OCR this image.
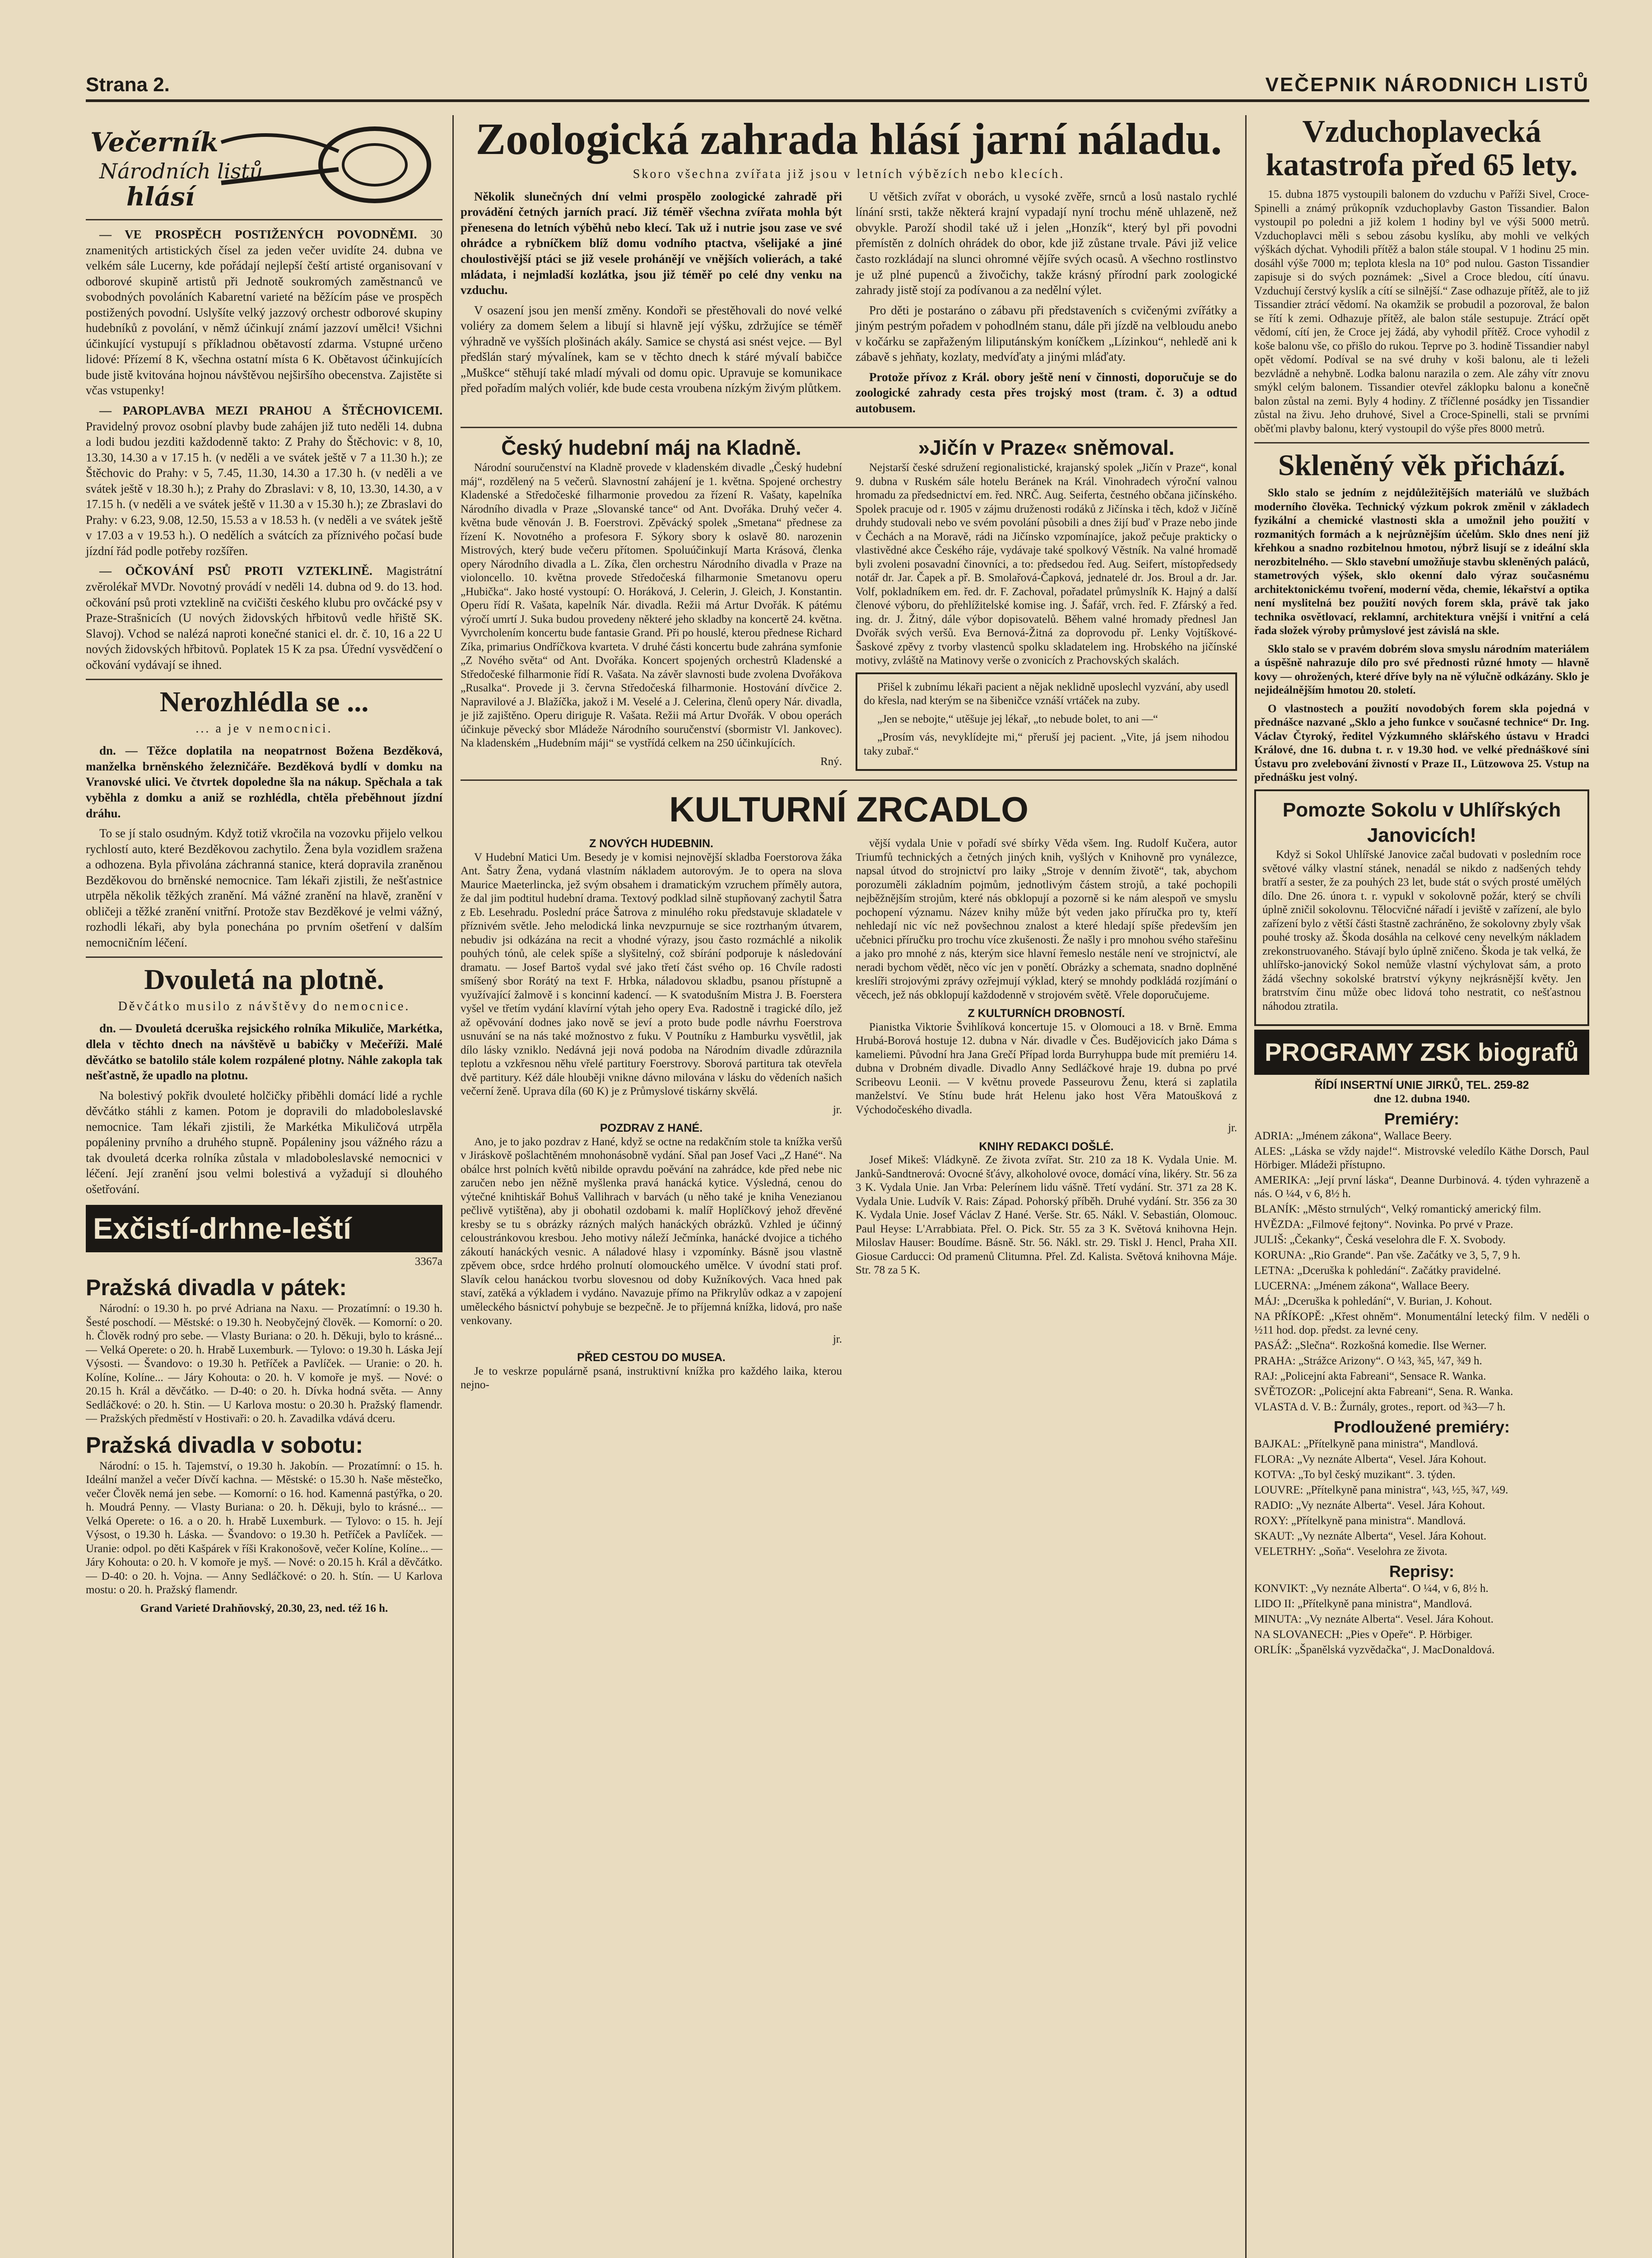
Strana 2.	VEČEPNIK NÁRODNICH LISTŮ
Večerník
Národních listů
hlásí

— VE PROSPĚCH POSTIŽENÝCH POVODNĚMI. 30 znamenitých artistických čísel za jeden večer uvidíte 24. dubna ve velkém sále Lucerny, kde pořádají nejlepší čeští artisté organisovaní v odborové skupině artistů při Jednotě soukromých zaměstnanců ve svobodných povoláních Kabaretní varieté na běžícím páse ve prospěch postižených povodní. Uslyšíte velký jazzový orchestr odborové skupiny hudebníků z povolání, v němž účinkují známí jazzoví umělci! Všichni účinkující vystupují s příkladnou obětavostí zdarma. Vstupné určeno lidové: Přízemí 8 K, všechna ostatní místa 6 K. Obětavost účinkujících bude jistě kvitována hojnou návštěvou nejširšího obecenstva. Zajistěte si včas vstupenky!

— PAROPLAVBA MEZI PRAHOU A ŠTĚCHOVICEMI. Pravidelný provoz osobní plavby bude zahájen již tuto neděli 14. dubna a lodi budou jezditi každodenně takto: Z Prahy do Štěchovic: v 8, 10, 13.30, 14.30 a v 17.15 h. (v neděli a ve svátek ještě v 7 a 11.30 h.); ze Štěchovic do Prahy: v 5, 7.45, 11.30, 14.30 a 17.30 h. (v neděli a ve svátek ještě v 18.30 h.); z Prahy do Zbraslavi: v 8, 10, 13.30, 14.30, a v 17.15 h. (v neděli a ve svátek ještě v 11.30 a v 15.30 h.); ze Zbraslavi do Prahy: v 6.23, 9.08, 12.50, 15.53 a v 18.53 h. (v neděli a ve svátek ještě v 17.03 a v 19.53 h.). O nedělích a svátcích za příznivého počasí bude jízdní řád podle potřeby rozšířen.

— OČKOVÁNÍ PSŮ PROTI VZTEKLINĚ. Magistrátní zvěrolékař MVDr. Novotný provádí v neděli 14. dubna od 9. do 13. hod. očkování psů proti vzteklině na cvičišti českého klubu pro ovčácké psy v Praze-Strašnicích (U nových židovských hřbitovů vedle hřiště SK. Slavoj). Vchod se nalézá naproti konečné stanici el. dr. č. 10, 16 a 22 U nových židovských hřbitovů. Poplatek 15 K za psa. Úřední vysvědčení o očkování vydávají se ihned.

Nerozhlédla se ...
... a je v nemocnici.

dn. — Těžce doplatila na neopatrnost Božena Bezděková, manželka brněnského železničáře. Bezděková bydlí v domku na Vranovské ulici. Ve čtvrtek dopoledne šla na nákup. Spěchala a tak vyběhla z domku a aniž se rozhlédla, chtěla přeběhnout jízdní dráhu.

To se jí stalo osudným. Když totiž vkročila na vozovku přijelo velkou rychlostí auto, které Bezděkovou zachytilo. Žena byla vozidlem sražena a odhozena. Byla přivolána záchranná stanice, která dopravila zraněnou Bezděkovou do brněnské nemocnice. Tam lékaři zjistili, že nešťastnice utrpěla několik těžkých zranění. Má vážné zranění na hlavě, zranění v obličeji a těžké zranění vnitřní. Protože stav Bezděkové je velmi vážný, rozhodli lékaři, aby byla ponechána po prvním ošetření v dalším nemocničním léčení.

Dvouletá na plotně.
Děvčátko musilo z návštěvy do nemocnice.

dn. — Dvouletá dceruška rejsického rolníka Mikuliče, Markétka, dlela v těchto dnech na návštěvě u babičky v Mečeříži. Malé děvčátko se batolilo stále kolem rozpálené plotny. Náhle zakopla tak nešťastně, že upadlo na plotnu.

Na bolestivý pokřik dvouleté holčičky přiběhli domácí lidé a rychle děvčátko stáhli z kamen. Potom je dopravili do mladoboleslavské nemocnice. Tam lékaři zjistili, že Markétka Mikuličová utrpěla popáleniny prvního a druhého stupně. Popáleniny jsou vážného rázu a tak dvouletá dcerka rolníka zůstala v mladoboleslavské nemocnici v léčení. Její zranění jsou velmi bolestivá a vyžadují si dlouhého ošetřování.

Exčistí-drhne-leští
3367a
Pražská divadla v pátek:

Národní: o 19.30 h. po prvé Adriana na Naxu. — Prozatímní: o 19.30 h. Šesté poschodí. — Městské: o 19.30 h. Neobyčejný člověk. — Komorní: o 20. h. Člověk rodný pro sebe. — Vlasty Buriana: o 20. h. Děkuji, bylo to krásné... — Velká Operete: o 20. h. Hrabě Luxemburk. — Tylovo: o 19.30 h. Láska Její Výsosti. — Švandovo: o 19.30 h. Petříček a Pavlíček. — Uranie: o 20. h. Kolíne, Kolíne... — Járy Kohouta: o 20. h. V komoře je myš. — Nové: o 20.15 h. Král a děvčátko. — D-40: o 20. h. Dívka hodná světa. — Anny Sedláčkové: o 20. h. Stin. — U Karlova mostu: o 20.30 h. Pražský flamendr. — Pražských předměstí v Hostivaři: o 20. h. Zavadilka vdává dceru.

Pražská divadla v sobotu:

Národní: o 15. h. Tajemství, o 19.30 h. Jakobín. — Prozatímní: o 15. h. Ideální manžel a večer Dívčí kachna. — Městské: o 15.30 h. Naše městečko, večer Člověk nemá jen sebe. — Komorní: o 16. hod. Kamenná pastýřka, o 20. h. Moudrá Penny. — Vlasty Buriana: o 20. h. Děkuji, bylo to krásné... — Velká Operete: o 16. a o 20. h. Hrabě Luxemburk. — Tylovo: o 15. h. Její Výsost, o 19.30 h. Láska. — Švandovo: o 19.30 h. Petříček a Pavlíček. — Uranie: odpol. po děti Kašpárek v říši Krakonošově, večer Kolíne, Kolíne... — Járy Kohouta: o 20. h. V komoře je myš. — Nové: o 20.15 h. Král a děvčátko. — D-40: o 20. h. Vojna. — Anny Sedláčkové: o 20. h. Stín. — U Karlova mostu: o 20. h. Pražský flamendr.

Grand Varieté Drahňovský, 20.30, 23, ned. též 16 h.

Zoologická zahrada hlásí jarní náladu.
Skoro všechna zvířata již jsou v letních výbězích nebo klecích.

Několik slunečných dní velmi prospělo zoologické zahradě při provádění četných jarních prací. Již téměř všechna zvířata mohla být přenesena do letních výběhů nebo klecí. Tak už i nutrie jsou zase ve své ohrádce a rybníčkem blíž domu vodního ptactva, všelijaké a jiné choulostivější ptáci se již vesele prohánějí ve vnějších volierách, a také mládata, i nejmladší kozlátka, jsou již téměř po celé dny venku na vzduchu.

V osazení jsou jen menší změny. Kondoři se přestěhovali do nové velké voliéry za domem šelem a libují si hlavně její výšku, zdržujíce se téměř výhradně ve vyšších plošinách akály. Samice se chystá asi snést vejce. — Byl předšlán starý mývalínek, kam se v těchto dnech k stáré mývalí babičce „Muškce“ stěhují také mladí mývali od domu opic. Upravuje se komunikace před pořadím malých voliér, kde bude cesta vroubena nízkým živým plůtkem.

U většich zvířat v oborách, u vysoké zvěře, srnců a losů nastalo rychlé línání srsti, takže některá krajní vypadají nyní trochu méně uhlazeně, než obvykle. Paroží shodil také už i jelen „Honzík“, který byl při povodni přemístěn z dolních ohrádek do obor, kde již zůstane trvale. Pávi již velice často rozkládají na slunci ohromné vějíře svých ocasů. A všechno rostlinstvo je už plné pupenců a živočichy, takže krásný přírodní park zoologické zahrady jistě stojí za podívanou a za nedělní výlet.

Pro děti je postaráno o zábavu při představeních s cvičenými zvířátky a jiným pestrým pořadem v pohodlném stanu, dále při jízdě na velbloudu anebo v kočárku se zapřaženým liliputánským koníčkem „Lízinkou“, nehledě ani k zábavě s jehňaty, kozlaty, medvíďaty a jinými mláďaty.

Protože přívoz z Král. obory ještě není v činnosti, doporučuje se do zoologické zahrady cesta přes trojský most (tram. č. 3) a odtud autobusem.

Český hudební máj na Kladně.

Národní souručenství na Kladně provede v kladenském divadle „Český hudební máj“, rozdělený na 5 večerů. Slavnostní zahájení je 1. května. Spojené orchestry Kladenské a Středočeské filharmonie provedou za řízení R. Vašaty, kapelníka Národního divadla v Praze „Slovanské tance“ od Ant. Dvořáka. Druhý večer 4. května bude věnován J. B. Foerstrovi. Zpěvácký spolek „Smetana“ přednese za řízení K. Novotného a profesora F. Sýkory sbory k oslavě 80. narozenin Mistrových, který bude večeru přítomen. Spoluúčinkují Marta Krásová, členka opery Národního divadla a L. Zíka, člen orchestru Národního divadla v Praze na violoncello. 10. května provede Středočeská filharmonie Smetanovu operu „Hubička“. Jako hosté vystoupí: O. Horáková, J. Celerin, J. Gleich, J. Konstantin. Operu řídí R. Vašata, kapelník Nár. divadla. Režii má Artur Dvořák. K pátému výročí umrtí J. Suka budou provedeny některé jeho skladby na koncertě 24. května. Vyvrcholením koncertu bude fantasie Grand. Při po houslé, kterou přednese Richard Zíka, primarius Ondříčkova kvarteta. V druhé části koncertu bude zahrána symfonie „Z Nového světa“ od Ant. Dvořáka. Koncert spojených orchestrů Kladenské a Středočeské filharmonie řídí R. Vašata. Na závěr slavnosti bude zvolena Dvořákova „Rusalka“. Provede ji 3. června Středočeská filharmonie. Hostování dívčice 2. Napravilové a J. Blažíčka, jakož i M. Veselé a J. Celerina, členů opery Nár. divadla, je již zajištěno. Operu diriguje R. Vašata. Režii má Artur Dvořák. V obou operách účinkuje pěvecký sbor Mládeže Národního souručenství (sbormistr Vl. Jankovec). Na kladenském „Hudebním máji“ se vystřídá celkem na 250 účinkujících.

Rný.

»Jičín v Praze« sněmoval.

Nejstarší české sdružení regionalistické, krajanský spolek „Jičín v Praze“, konal 9. dubna v Ruském sále hotelu Beránek na Král. Vinohradech výroční valnou hromadu za předsednictví em. řed. NRČ. Aug. Seiferta, čestného občana jičínského. Spolek pracuje od r. 1905 v zájmu druženosti rodáků z Jičínska i těch, kdož v Jičíně druhdy studovali nebo ve svém povolání působili a dnes žijí buď v Praze nebo jinde v Čechách a na Moravě, rádi na Jičínsko vzpomínajíce, jakož pečuje prakticky o vlastivědné akce Českého ráje, vydávaje také spolkový Věstník. Na valné hromadě byli zvoleni posavadní činovníci, a to: předsedou řed. Aug. Seifert, místopředsedy notář dr. Jar. Čapek a př. B. Smolařová-Čapková, jednatelé dr. Jos. Broul a dr. Jar. Volf, pokladníkem em. řed. dr. F. Zachoval, pořadatel průmyslník K. Hajný a další členové výboru, do přehlížitelské komise ing. J. Šafář, vrch. řed. F. Zfárský a řed. ing. dr. J. Žitný, dále výbor dopisovatelů. Během valné hromady přednesl Jan Dvořák svých veršů. Eva Bernová-Žitná za doprovodu př. Lenky Vojtíškové-Šaskové zpěvy z tvorby vlastenců spolku skladatelem ing. Hrobského na jičínské motivy, zvláště na Matinovy verše o zvonicích z Prachovských skalách.

Přišel k zubnímu lékaři pacient a nějak neklidně uposlechl vyzvání, aby usedl do křesla, nad kterým se na šibeničce vznáší vrtáček na zuby.

„Jen se nebojte,“ utěšuje jej lékař, „to nebude bolet, to ani —“

„Prosím vás, nevyklídejte mi,“ přeruší jej pacient. „Vite, já jsem nihodou taky zubař.“

KULTURNÍ ZRCADLO
Z NOVÝCH HUDEBNIN.

V Hudební Matici Um. Besedy je v komisi nejnovější skladba Foerstorova žáka Ant. Šatry Žena, vydaná vlastním nákladem autorovým. Je to opera na slova Maurice Maeterlincka, jež svým obsahem i dramatickým vzruchem příměly autora, že dal jim podtitul hudební drama. Textový podklad silně stupňovaný zachytil Šatra z Eb. Lesehradu. Poslední práce Šatrova z minulého roku představuje skladatele v příznivém světle. Jeho melodická linka nevzpurnuje se sice roztrhaným útvarem, nebudiv jsi odkázána na recit a vhodné výrazy, jsou často rozmáchlé a nikolik pouhých tónů, ale celek spíše a slyšitelný, což sbírání podporuje k následování dramatu. — Josef Bartoš vydal své jako třetí část svého op. 16 Chvíle radosti smíšený sbor Rorátý na text F. Hrbka, náladovou skladbu, psanou přístupně a využívající žalmově i s koncinní kadencí. — K svatodušním Mistra J. B. Foerstera vyšel ve třetím vydání klavírní výtah jeho opery Eva. Radostně i tragické dílo, jež až opěvování dodnes jako nově se jeví a proto bude podle návrhu Foerstrova usnuvání se na nás také možnostvo z fuku. V Poutníku z Hamburku vysvětlil, jak dílo lásky vzniklo. Nedávná jeji nová podoba na Národním divadle zdůraznila teplotu a vzkřesnou něhu vřelé partitury Foerstrovy. Sborová partitura tak otevřela dvě partitury. Kéž dále hlouběji vnikne dávno milována v lásku do vědeních našich večerní ženě. Uprava díla (60 K) je z Průmyslové tiskárny skvělá.

jr.

POZDRAV Z HANÉ.

Ano, je to jako pozdrav z Hané, když se octne na redakčním stole ta knížka veršů v Jiráskově pošlachtěném mnohonásobně vydání. Sňal pan Josef Vaci „Z Hané“. Na obálce hrst polních květů nibilde opravdu poěvání na zahrádce, kde před nebe nic zaručen nebo jen něžně myšlenka pravá hanácká kytice. Výsledná, cenou do výtečné knihtiskář Bohuš Vallihrach v barvách (u něho také je kniha Venezianou pečlivě vytištěna), aby ji obohatil ozdobami k. malíř Hoplíčkový jehož dřevěné kresby se tu s obrázky rázných malých hanáckých obrázků. Vzhled je účinný celoustránkovou kresbou. Jeho motivy náleží Ječmínka, hanácké dvojice a tichého zákoutí hanáckých vesnic. A náladové hlasy i vzpomínky. Básně jsou vlastně zpěvem obce, srdce hrdého prolnutí olomouckého umělce. V úvodní stati prof. Slavík celou hanáckou tvorbu slovesnou od doby Kužníkových. Vaca hned pak staví, zatěká a výkladem i vydáno. Navazuje přímo na Přikrylův odkaz a v zapojení uměleckého básnictví pohybuje se bezpečně. Je to příjemná knížka, lidová, pro naše venkovany.

jr.

PŘED CESTOU DO MUSEA.

Je to veskrze populárně psaná, instruktivní knížka pro každého laika, kterou nejno-

vější vydala Unie v pořadí své sbírky Věda všem. Ing. Rudolf Kučera, autor Triumfů technických a četných jiných knih, vyšlých v Knihovně pro vynálezce, napsal útvod do strojnictví pro laiky „Stroje v denním životě“, tak, abychom porozuměli základním pojmům, jednotlivým částem strojů, a také pochopili nejběžnějším strojům, které nás obklopují a pozorně si ke nám alespoň ve smyslu pochopení významu. Název knihy může být veden jako příručka pro ty, kteří nehledají nic víc než povšechnou znalost a které hledají spíše především jen učebnici příručku pro trochu více zkušenosti. Že našly i pro mnohou svého stařešinu a jako pro mnohé z nás, kterým sice hlavní řemeslo nestále není ve strojnictví, ale neradi bychom vědět, něco víc jen v ponětí. Obrázky a schemata, snadno doplněné kreslíři strojovými zprávy ozřejmují výklad, který se mnohdy podkládá rozjímání o věcech, jež nás obklopují každodenně v strojovém světě. Vřele doporučujeme.

Z KULTURNÍCH DROBNOSTÍ.

Pianistka Viktorie Švihlíková koncertuje 15. v Olomouci a 18. v Brně. Emma Hrubá-Borová hostuje 12. dubna v Nár. divadle v Čes. Budějovicích jako Dáma s kameliemi. Původní hra Jana Grečí Případ lorda Burryhuppa bude mít premiéru 14. dubna v Drobném divadle. Divadlo Anny Sedláčkové hraje 19. dubna po prvé Scribeovu Leonii. — V květnu provede Passeurovu Ženu, která si zaplatila manželství. Ve Stínu bude hrát Helenu jako host Věra Matoušková z Východočeského divadla.

jr.

KNIHY REDAKCI DOŠLÉ.

Josef Mikeš: Vládkyně. Ze života zvířat. Str. 210 za 18 K. Vydala Unie. M. Janků-Sandtnerová: Ovocné šťávy, alkoholové ovoce, domácí vína, likéry. Str. 56 za 3 K. Vydala Unie. Jan Vrba: Pelerínem lidu vášně. Třetí vydání. Str. 371 za 28 K. Vydala Unie. Ludvík V. Rais: Západ. Pohorský příběh. Druhé vydání. Str. 356 za 30 K. Vydala Unie. Josef Václav Z Hané. Verše. Str. 65. Nákl. V. Sebastián, Olomouc. Paul Heyse: L'Arrabbiata. Přel. O. Pick. Str. 55 za 3 K. Světová knihovna Hejn. Miloslav Hauser: Boudíme. Básně. Str. 56. Nákl. str. 29. Tiskl J. Hencl, Praha XII. Giosue Carducci: Od pramenů Clitumna. Přel. Zd. Kalista. Světová knihovna Máje. Str. 78 za 5 K.

Vzduchoplavecká katastrofa před 65 lety.

15. dubna 1875 vystoupili balonem do vzduchu v Paříži Sivel, Croce-Spinelli a známý průkopník vzduchoplavby Gaston Tissandier. Balon vystoupil po poledni a již kolem 1 hodiny byl ve výši 5000 metrů. Vzduchoplavci měli s sebou zásobu kyslíku, aby mohli ve velkých výškách dýchat. Vyhodili přítěž a balon stále stoupal. V 1 hodinu 25 min. dosáhl výše 7000 m; teplota klesla na 10° pod nulou. Gaston Tissandier zapisuje si do svých poznámek: „Sivel a Croce bledou, cítí únavu. Vzduchují čerstvý kyslík a cítí se silnější.“ Zase odhazuje přítěž, ale to již Tissandier ztrácí vědomí. Na okamžik se probudil a pozoroval, že balon se řítí k zemi. Odhazuje přítěž, ale balon stále sestupuje. Ztrácí opět vědomí, cítí jen, že Croce jej žádá, aby vyhodil přítěž. Croce vyhodil z koše balonu vše, co přišlo do rukou. Teprve po 3. hodině Tissandier nabyl opět vědomí. Podíval se na své druhy v koši balonu, ale ti leželi bezvládně a nehybně. Lodka balonu narazila o zem. Ale záhy vítr znovu smýkl celým balonem. Tissandier otevřel záklopku balonu a konečně balon zůstal na zemi. Byly 4 hodiny. Z tříčlenné posádky jen Tissandier zůstal na živu. Jeho druhové, Sivel a Croce-Spinelli, stali se prvními oběťmi plavby balonu, který vystoupil do výše přes 8000 metrů.

Skleněný věk přichází.

Sklo stalo se jedním z nejdůležitějších materiálů ve službách moderního člověka. Technický výzkum pokrok změnil v základech fyzikální a chemické vlastnosti skla a umožnil jeho použití v rozmanitých formách a k nejrůznějším účelům. Sklo dnes není již křehkou a snadno rozbitelnou hmotou, nýbrž lisují se z ideální skla nerozbitelného. — Sklo stavební umožňuje stavbu skleněných paláců, stametrových výšek, sklo okenní dalo výraz současnému architektonickému tvoření, moderní věda, chemie, lékařství a optika není myslitelná bez použití nových forem skla, právě tak jako technika osvětlovací, reklamní, architektura vnější i vnitřní a celá řada složek výroby průmyslové jest závislá na skle.

Sklo stalo se v pravém dobrém slova smyslu národním materiálem a úspěšně nahrazuje dílo pro své přednosti různé hmoty — hlavně kovy — ohrožených, které dříve byly na ně výlučně odkázány. Sklo je nejideálnějším hmotou 20. století.

O vlastnostech a použití novodobých forem skla pojedná v přednášce nazvané „Sklo a jeho funkce v současné technice“ Dr. Ing. Václav Čtyroký, ředitel Výzkumného sklářského ústavu v Hradci Králové, dne 16. dubna t. r. v 19.30 hod. ve velké přednáškové síni Ústavu pro zvelebování živností v Praze II., Lützowova 25. Vstup na přednášku jest volný.

Pomozte Sokolu v Uhlířských Janovicích!

Když si Sokol Uhlířské Janovice začal budovati v posledním roce světové války vlastní stánek, nenadál se nikdo z nadšených tehdy bratří a sester, že za pouhých 23 let, bude stát o svých prosté umělých dílo. Dne 26. února t. r. vypukl v sokolovně požár, který se chvíli úplně zničil sokolovnu. Tělocvičné nářadí i jeviště v zařízení, ale bylo zařízení bylo z větší části štastně zachráněno, že sokolovny zbyly však pouhé trosky až. Škoda dosáhla na celkové ceny nevelkým nákladem zrekonstruovaného. Stávají bylo úplně zničeno. Škoda je tak velká, že uhlířsko-janovický Sokol nemůže vlastní výchylovat sám, a proto žádá všechny sokolské bratrství výkyny nejkrásnější květy. Jen bratrstvím činu může obec lidová toho nestratit, co nešťastnou náhodou ztratila.

PROGRAMY ZSK biografů
ŘÍDÍ INSERTNÍ UNIE JIRKŮ, TEL. 259-82
dne 12. dubna 1940.
Premiéry:

ADRIA: „Jménem zákona“, Wallace Beery.

ALES: „Láska se vždy najde!“. Mistrovské veledílo Käthe Dorsch, Paul Hörbiger. Mládeži přístupno.

AMERIKA: „Její první láska“, Deanne Durbinová. 4. týden vyhrazeně a nás. O ¼4, v 6, 8½ h.

BLANÍK: „Město strnulých“, Velký romantický americký film.

HVĚZDA: „Filmové fejtony“. Novinka. Po prvé v Praze.

JULIŠ: „Čekanky“, Česká veselohra dle F. X. Svobody.

KORUNA: „Rio Grande“. Pan vše. Začátky ve 3, 5, 7, 9 h.

LETNA: „Dceruška k pohledání“. Začátky pravidelné.

LUCERNA: „Jménem zákona“, Wallace Beery.

MÁJ: „Dceruška k pohledání“, V. Burian, J. Kohout.

NA PŘÍKOPĚ: „Křest ohněm“. Monumentální letecký film. V neděli o ½11 hod. dop. předst. za levné ceny.

PASÁŽ: „Slečna“. Rozkošná komedie. Ilse Werner.

PRAHA: „Strážce Arizony“. O ¼3, ¾5, ¼7, ¾9 h.

RAJ: „Policejní akta Fabreani“, Sensace R. Wanka.

SVĚTOZOR: „Policejní akta Fabreani“, Sena. R. Wanka.

VLASTA d. V. B.: Žurnály, grotes., report. od ¾3—7 h.

Prodloužené premiéry:

BAJKAL: „Přítelkyně pana ministra“, Mandlová.

FLORA: „Vy neznáte Alberta“, Vesel. Jára Kohout.

KOTVA: „To byl český muzikant“. 3. týden.

LOUVRE: „Přítelkyně pana ministra“, ¼3, ½5, ¾7, ¼9.

RADIO: „Vy neznáte Alberta“. Vesel. Jára Kohout.

ROXY: „Přítelkyně pana ministra“. Mandlová.

SKAUT: „Vy neznáte Alberta“, Vesel. Jára Kohout.

VELETRHY: „Soňa“. Veselohra ze života.

Reprisy:

KONVIKT: „Vy neznáte Alberta“. O ¼4, v 6, 8½ h.

LIDO II: „Přítelkyně pana ministra“, Mandlová.

MINUTA: „Vy neznáte Alberta“. Vesel. Jára Kohout.

NA SLOVANECH: „Pies v Opeře“. P. Hörbiger.

ORLÍK: „Španělská vyzvědačka“, J. MacDonaldová.
